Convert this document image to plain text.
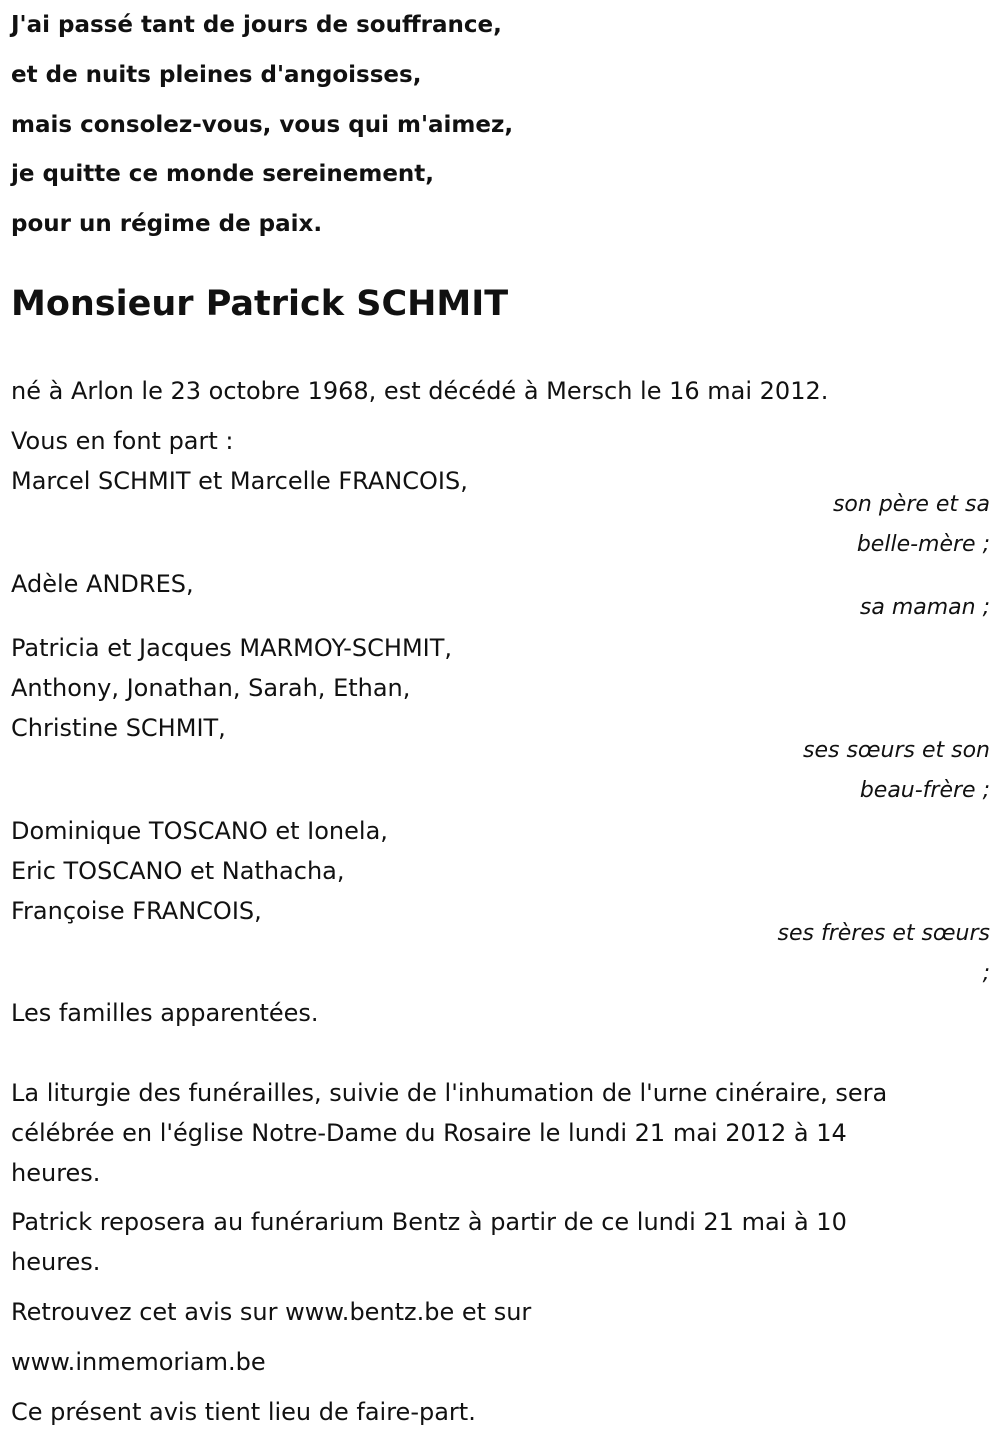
J'ai passé tant de jours de souffrance,
et de nuits pleines d'angoisses,
mais consolez-vous, vous qui m'aimez,
je quitte ce monde sereinement,
pour un régime de paix.
Monsieur Patrick SCHMIT
né à Arlon le 23 octobre 1968, est décédé à Mersch le 16 mai 2012.
Vous en font part :
Marcel SCHMIT et Marcelle FRANCOIS,
son père et sa
belle-mère ;
Adèle ANDRES,
sa maman ;
Patricia et Jacques MARMOY-SCHMIT,
Anthony, Jonathan, Sarah, Ethan,
Christine SCHMIT,
ses sœurs et son
beau-frère ;
Dominique TOSCANO et Ionela,
Eric TOSCANO et Nathacha,
Françoise FRANCOIS,
ses frères et sœurs
;
Les familles apparentées.
La liturgie des funérailles, suivie de l'inhumation de l'urne cinéraire, sera
célébrée en l'église Notre-Dame du Rosaire le lundi 21 mai 2012 à 14
heures.
Patrick reposera au funérarium Bentz à partir de ce lundi 21 mai à 10
heures.
Retrouvez cet avis sur www.bentz.be et sur
www.inmemoriam.be
Ce présent avis tient lieu de faire-part.
